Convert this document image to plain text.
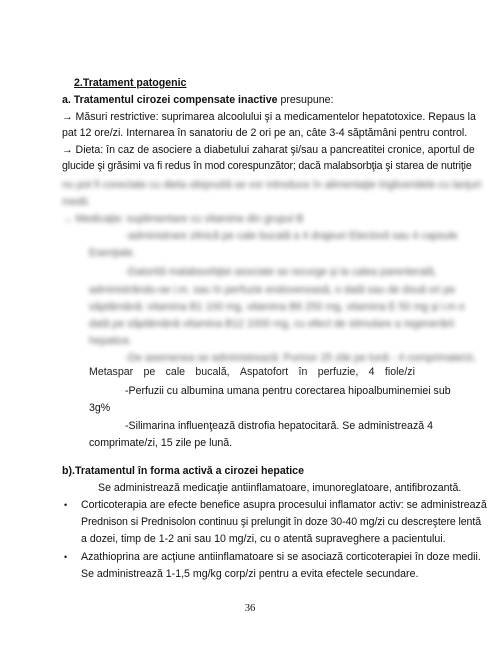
2.Tratament patogenic

a. Tratamentul cirozei compensate inactive presupune:

→ Măsuri restrictive: suprimarea alcoolului şi a medicamentelor hepatotoxice. Repaus la

pat 12 ore/zi. Internarea în sanatoriu de 2 ori pe an, câte 3-4 săptămâni pentru control.

→ Dieta: în caz de asociere a diabetului zaharat şi/sau a pancreatitei cronice, aportul de

glucide şi grăsimi va fi redus în mod corespunzător; dacă malabsorbţia şi starea de nutriţie

nu pot fi corectate cu dieta obişnuită se vor introduce în alimentaţie trigliceridele cu lanţuri

medii.

→ Medicaţie: suplimentare cu vitamine din grupul B

-administrare zilnică pe cale bucală a 4 drajeuri Electovit sau 4 capsule

Esenţiale.

-Datorită malabsorbţiei asociate se recurge şi la calea parenterală,

administrându-se i.m. sau în perfuzie endovenoasă, o dată sau de două ori pe

săptămână: vitamina B1 100 mg, vitamina B6 250 mg, vitamina E 50 mg şi i.m o

dată pe săptămână vitamina B12 1000 mg, cu efect de stimulare a regenerării

hepatice.

-De asemenea se administrează: Purinor 25 zile pe lună - 4 comprimate/zi,

Metaspar pe cale bucală, Aspatofort în perfuzie, 4 fiole/zi

-Perfuzii cu albumina umana pentru corectarea hipoalbuminemiei sub

3g%

-Silimarina influenţează distrofia hepatocitară. Se administrează 4

comprimate/zi, 15 zile pe lună.

b).Tratamentul în forma activă a cirozei hepatice

Se administrează medicaţie antiinflamatoare, imunoreglatoare, antifibrozantă.

• Corticoterapia are efecte benefice asupra procesului inflamator activ: se administrează

Prednison si Prednisolon continuu şi prelungit în doze 30-40 mg/zi cu descreştere lentă

a dozei, timp de 1-2 ani sau 10 mg/zi, cu o atentă supraveghere a pacientului.

• Azathioprina are acţiune antiinflamatoare si se asociază corticoterapiei în doze medii.

Se administrează 1-1,5 mg/kg corp/zi pentru a evita efectele secundare.

36
